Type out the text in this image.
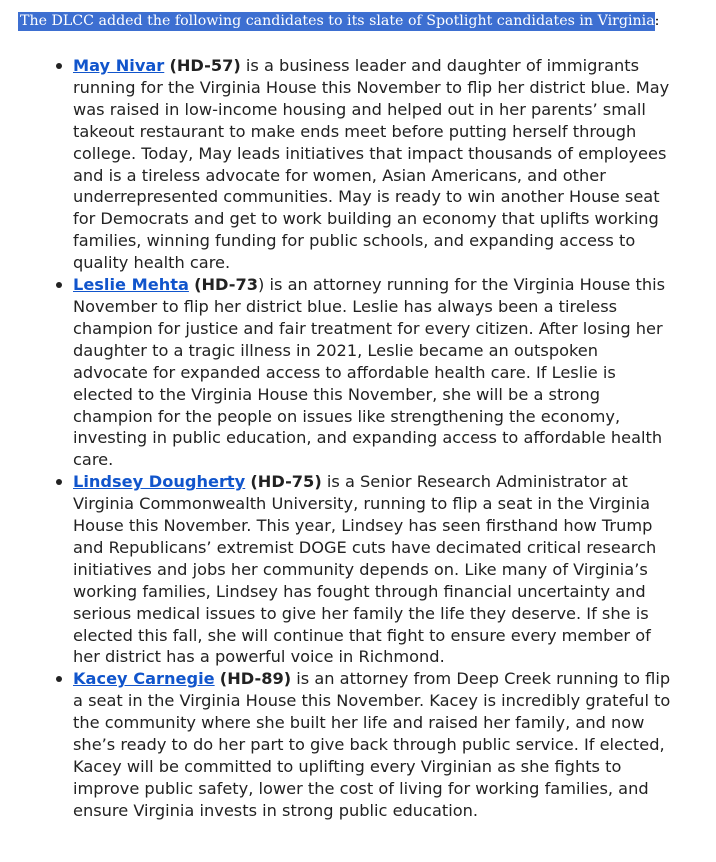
The DLCC added the following candidates to its slate of Spotlight candidates in Virginia:

May Nivar (HD-57) is a business leader and daughter of immigrants running for the Virginia House this November to flip her district blue. May was raised in low-income housing and helped out in her parents’ small takeout restaurant to make ends meet before putting herself through college. Today, May leads initiatives that impact thousands of employees and is a tireless advocate for women, Asian Americans, and other underrepresented communities. May is ready to win another House seat for Democrats and get to work building an economy that uplifts working families, winning funding for public schools, and expanding access to quality health care.
Leslie Mehta (HD-73) is an attorney running for the Virginia House this November to flip her district blue. Leslie has always been a tireless champion for justice and fair treatment for every citizen. After losing her daughter to a tragic illness in 2021, Leslie became an outspoken advocate for expanded access to affordable health care. If Leslie is elected to the Virginia House this November, she will be a strong champion for the people on issues like strengthening the economy, investing in public education, and expanding access to affordable health care.
Lindsey Dougherty (HD-75) is a Senior Research Administrator at Virginia Commonwealth University, running to flip a seat in the Virginia House this November. This year, Lindsey has seen firsthand how Trump and Republicans’ extremist DOGE cuts have decimated critical research initiatives and jobs her community depends on. Like many of Virginia’s working families, Lindsey has fought through financial uncertainty and serious medical issues to give her family the life they deserve. If she is elected this fall, she will continue that fight to ensure every member of her district has a powerful voice in Richmond.
Kacey Carnegie (HD-89) is an attorney from Deep Creek running to flip a seat in the Virginia House this November. Kacey is incredibly grateful to the community where she built her life and raised her family, and now she’s ready to do her part to give back through public service. If elected, Kacey will be committed to uplifting every Virginian as she fights to improve public safety, lower the cost of living for working families, and ensure Virginia invests in strong public education.
